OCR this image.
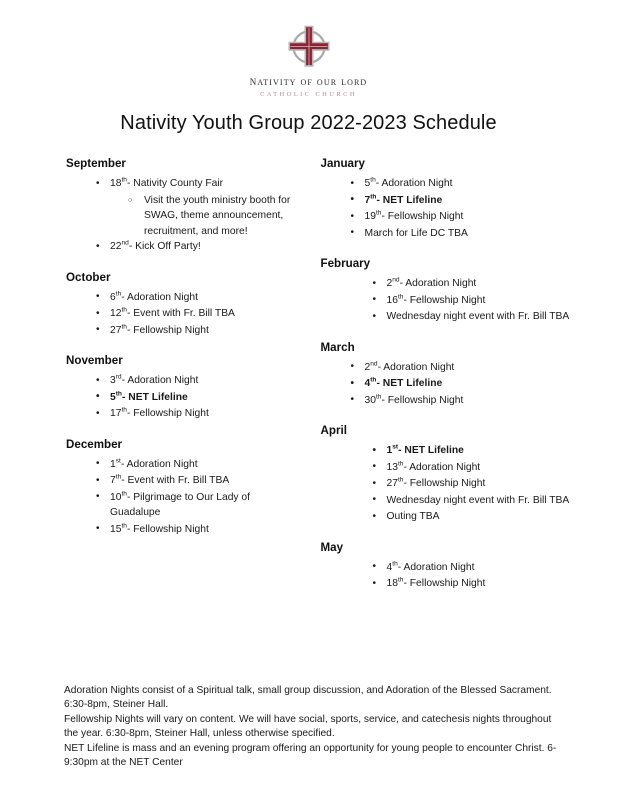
nativity of our lord
CATHOLIC CHURCH
Nativity Youth Group 2022-2023 Schedule
September
• 18th- Nativity County Fair
○ Visit the youth ministry booth for SWAG, theme announcement, recruitment, and more!
• 22nd- Kick Off Party!
October
• 6th- Adoration Night
• 12th- Event with Fr. Bill TBA
• 27th- Fellowship Night
November
• 3rd- Adoration Night
• 5th- NET Lifeline
• 17th- Fellowship Night
December
• 1st- Adoration Night
• 7th- Event with Fr. Bill TBA
• 10th- Pilgrimage to Our Lady of Guadalupe
• 15th- Fellowship Night
January
• 5th- Adoration Night
• 7th- NET Lifeline
• 19th- Fellowship Night
• March for Life DC TBA
February
• 2nd- Adoration Night
• 16th- Fellowship Night
• Wednesday night event with Fr. Bill TBA
March
• 2nd- Adoration Night
• 4th- NET Lifeline
• 30th- Fellowship Night
April
• 1st- NET Lifeline
• 13th- Adoration Night
• 27th- Fellowship Night
• Wednesday night event with Fr. Bill TBA
• Outing TBA
May
• 4th- Adoration Night
• 18th- Fellowship Night

Adoration Nights consist of a Spiritual talk, small group discussion, and Adoration of the Blessed Sacrament. 6:30-8pm, Steiner Hall.

Fellowship Nights will vary on content. We will have social, sports, service, and catechesis nights throughout the year. 6:30-8pm, Steiner Hall, unless otherwise specified.

NET Lifeline is mass and an evening program offering an opportunity for young people to encounter Christ. 6-9:30pm at the NET Center
